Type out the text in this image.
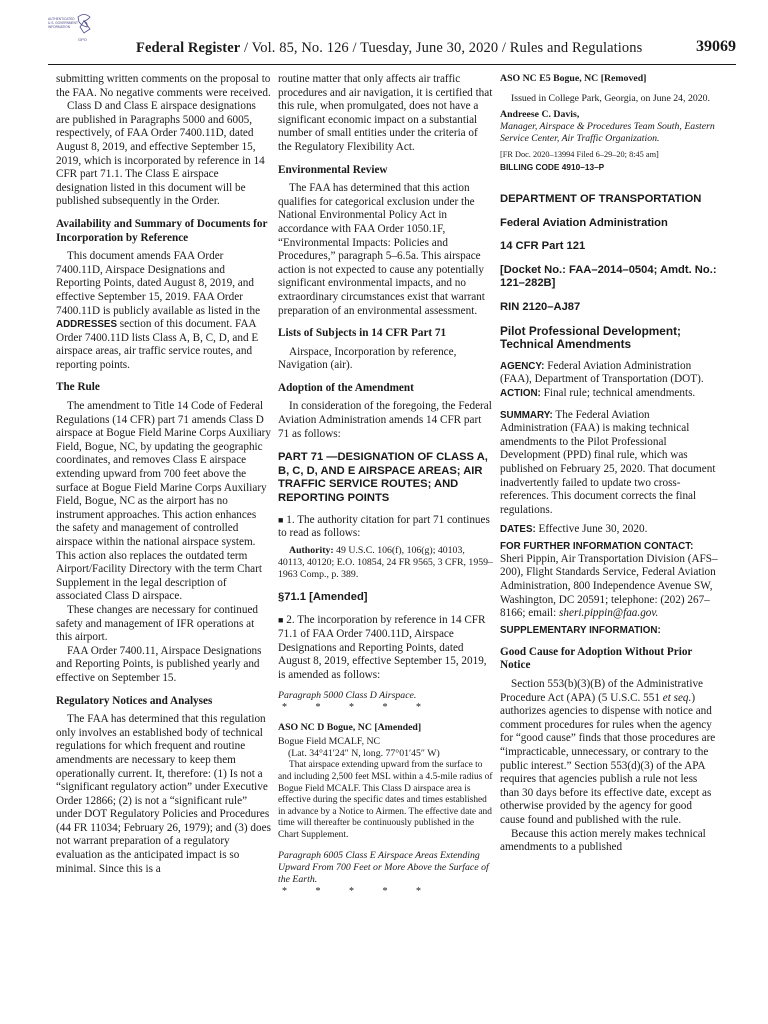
AUTHENTICATED
U.S. GOVERNMENT
INFORMATION
GPO
Federal Register / Vol. 85, No. 126 / Tuesday, June 30, 2020 / Rules and Regulations	39069

submitting written comments on the proposal to the FAA. No negative comments were received.

Class D and Class E airspace designations are published in Paragraphs 5000 and 6005, respectively, of FAA Order 7400.11D, dated August 8, 2019, and effective September 15, 2019, which is incorporated by reference in 14 CFR part 71.1. The Class E airspace designation listed in this document will be published subsequently in the Order.

Availability and Summary of Documents for Incorporation by Reference

This document amends FAA Order 7400.11D, Airspace Designations and Reporting Points, dated August 8, 2019, and effective September 15, 2019. FAA Order 7400.11D is publicly available as listed in the ADDRESSES section of this document. FAA Order 7400.11D lists Class A, B, C, D, and E airspace areas, air traffic service routes, and reporting points.

The Rule

The amendment to Title 14 Code of Federal Regulations (14 CFR) part 71 amends Class D airspace at Bogue Field Marine Corps Auxiliary Field, Bogue, NC, by updating the geographic coordinates, and removes Class E airspace extending upward from 700 feet above the surface at Bogue Field Marine Corps Auxiliary Field, Bogue, NC as the airport has no instrument approaches. This action enhances the safety and management of controlled airspace within the national airspace system. This action also replaces the outdated term Airport/Facility Directory with the term Chart Supplement in the legal description of associated Class D airspace.

These changes are necessary for continued safety and management of IFR operations at this airport.

FAA Order 7400.11, Airspace Designations and Reporting Points, is published yearly and effective on September 15.

Regulatory Notices and Analyses

The FAA has determined that this regulation only involves an established body of technical regulations for which frequent and routine amendments are necessary to keep them operationally current. It, therefore: (1) Is not a “significant regulatory action” under Executive Order 12866; (2) is not a “significant rule” under DOT Regulatory Policies and Procedures (44 FR 11034; February 26, 1979); and (3) does not warrant preparation of a regulatory evaluation as the anticipated impact is so minimal. Since this is a

routine matter that only affects air traffic procedures and air navigation, it is certified that this rule, when promulgated, does not have a significant economic impact on a substantial number of small entities under the criteria of the Regulatory Flexibility Act.

Environmental Review

The FAA has determined that this action qualifies for categorical exclusion under the National Environmental Policy Act in accordance with FAA Order 1050.1F, “Environmental Impacts: Policies and Procedures,” paragraph 5–6.5a. This airspace action is not expected to cause any potentially significant environmental impacts, and no extraordinary circumstances exist that warrant preparation of an environmental assessment.

Lists of Subjects in 14 CFR Part 71

Airspace, Incorporation by reference, Navigation (air).

Adoption of the Amendment

In consideration of the foregoing, the Federal Aviation Administration amends 14 CFR part 71 as follows:

PART 71 —DESIGNATION OF CLASS A, B, C, D, AND E AIRSPACE AREAS; AIR TRAFFIC SERVICE ROUTES; AND REPORTING POINTS

■ 1. The authority citation for part 71 continues to read as follows:

Authority: 49 U.S.C. 106(f), 106(g); 40103, 40113, 40120; E.O. 10854, 24 FR 9565, 3 CFR, 1959–1963 Comp., p. 389.

§71.1 [Amended]

■ 2. The incorporation by reference in 14 CFR 71.1 of FAA Order 7400.11D, Airspace Designations and Reporting Points, dated August 8, 2019, effective September 15, 2019, is amended as follows:

Paragraph 5000 Class D Airspace.

* * * * *

ASO NC D Bogue, NC [Amended]

Bogue Field MCALF, NC

(Lat. 34°41′24″ N, long. 77°01′45″ W)

That airspace extending upward from the surface to and including 2,500 feet MSL within a 4.5-mile radius of Bogue Field MCALF. This Class D airspace area is effective during the specific dates and times established in advance by a Notice to Airmen. The effective date and time will thereafter be continuously published in the Chart Supplement.

Paragraph 6005 Class E Airspace Areas Extending Upward From 700 Feet or More Above the Surface of the Earth.

* * * * *

ASO NC E5 Bogue, NC [Removed]

Issued in College Park, Georgia, on June 24, 2020.

Andreese C. Davis,

Manager, Airspace & Procedures Team South, Eastern Service Center, Air Traffic Organization.

[FR Doc. 2020–13994 Filed 6–29–20; 8:45 am]

BILLING CODE 4910–13–P

DEPARTMENT OF TRANSPORTATION

Federal Aviation Administration

14 CFR Part 121

[Docket No.: FAA–2014–0504; Amdt. No.: 121–282B]

RIN 2120–AJ87

Pilot Professional Development; Technical Amendments

AGENCY: Federal Aviation Administration (FAA), Department of Transportation (DOT).

ACTION: Final rule; technical amendments.

SUMMARY: The Federal Aviation Administration (FAA) is making technical amendments to the Pilot Professional Development (PPD) final rule, which was published on February 25, 2020. That document inadvertently failed to update two cross-references. This document corrects the final regulations.

DATES: Effective June 30, 2020.

FOR FURTHER INFORMATION CONTACT:

Sheri Pippin, Air Transportation Division (AFS–200), Flight Standards Service, Federal Aviation Administration, 800 Independence Avenue SW, Washington, DC 20591; telephone: (202) 267–8166; email: sheri.pippin@faa.gov.

SUPPLEMENTARY INFORMATION:

Good Cause for Adoption Without Prior Notice

Section 553(b)(3)(B) of the Administrative Procedure Act (APA) (5 U.S.C. 551 et seq.) authorizes agencies to dispense with notice and comment procedures for rules when the agency for “good cause” finds that those procedures are “impracticable, unnecessary, or contrary to the public interest.” Section 553(d)(3) of the APA requires that agencies publish a rule not less than 30 days before its effective date, except as otherwise provided by the agency for good cause found and published with the rule.

Because this action merely makes technical amendments to a published
